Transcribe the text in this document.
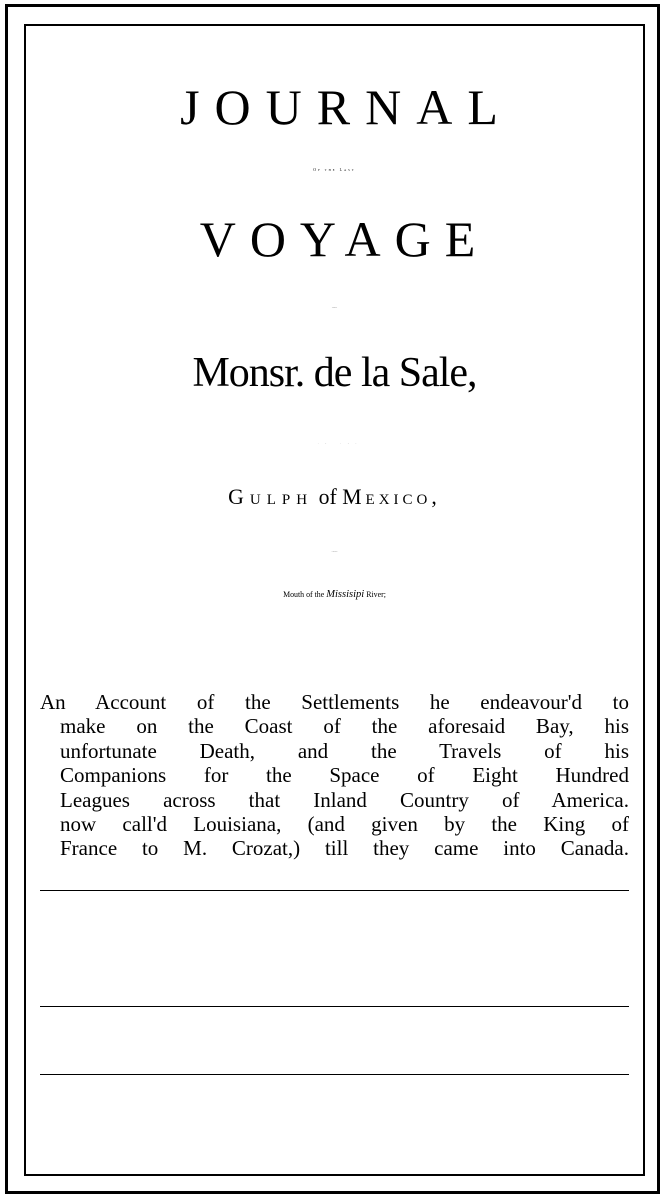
JOURNAL
Of the Last
VOYAGE
Perform'd by
Monsr. de la Sale,
TO THE
Gulph of Mexico,
To find out the
Mouth of the Missisipi River;
An Account of the Settlements he endeavour'd to
make on the Coast of the aforesaid Bay, his
unfortunate Death, and the Travels of his
Companions for the Space of Eight Hundred
Leagues across that Inland Country of America.
now call'd Louisiana, (and given by the King of
France to M. Crozat,) till they came into Canada.
